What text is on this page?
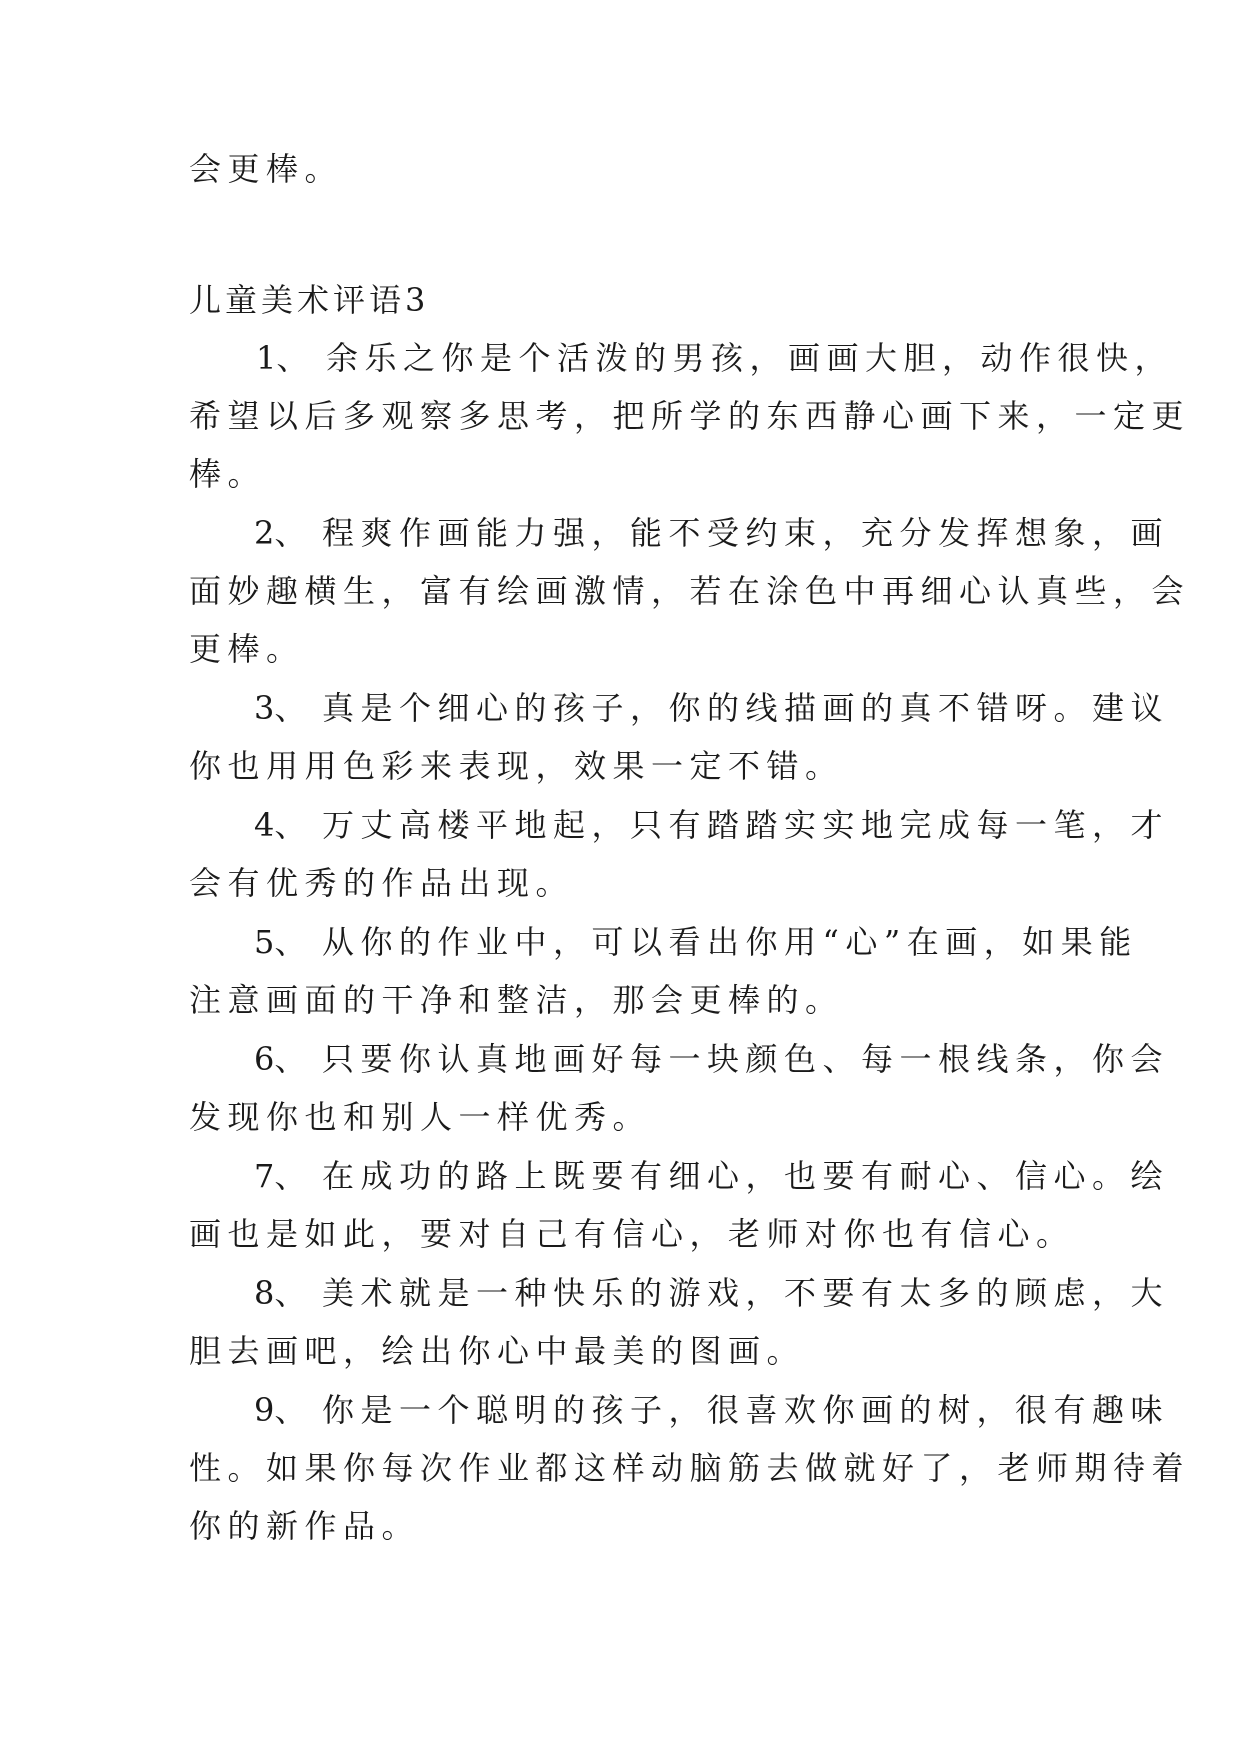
会更棒。
儿童美术评语3
1、 余乐之你是个活泼的男孩，画画大胆，动作很快，
希望以后多观察多思考，把所学的东西静心画下来，一定更
棒。
2、 程爽作画能力强，能不受约束，充分发挥想象，画
面妙趣横生，富有绘画激情，若在涂色中再细心认真些，会
更棒。
3、 真是个细心的孩子，你的线描画的真不错呀。建议
你也用用色彩来表现，效果一定不错。
4、 万丈高楼平地起，只有踏踏实实地完成每一笔，才
会有优秀的作品出现。
5、 从你的作业中，可以看出你用“心”在画，如果能
注意画面的干净和整洁，那会更棒的。
6、 只要你认真地画好每一块颜色、每一根线条，你会
发现你也和别人一样优秀。
7、 在成功的路上既要有细心，也要有耐心、信心。绘
画也是如此，要对自己有信心，老师对你也有信心。
8、 美术就是一种快乐的游戏，不要有太多的顾虑，大
胆去画吧，绘出你心中最美的图画。
9、 你是一个聪明的孩子，很喜欢你画的树，很有趣味
性。如果你每次作业都这样动脑筋去做就好了，老师期待着
你的新作品。
